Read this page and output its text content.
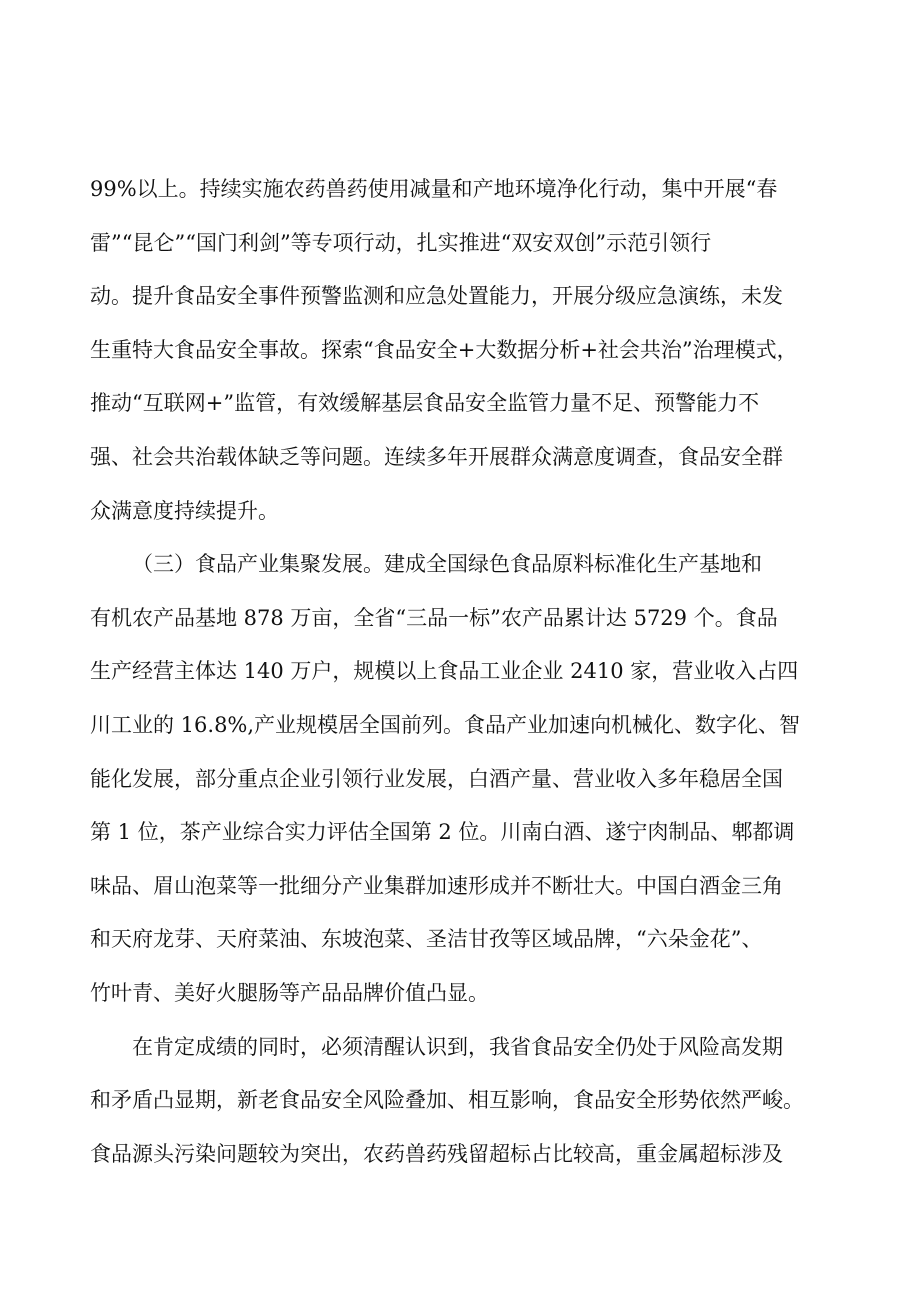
99%以上。持续实施农药兽药使用减量和产地环境净化行动，集中开展“春
雷”“昆仑”“国门利剑”等专项行动，扎实推进“双安双创”示范引领行
动。提升食品安全事件预警监测和应急处置能力，开展分级应急演练，未发
生重特大食品安全事故。探索“食品安全+大数据分析+社会共治”治理模式，
推动“互联网+”监管，有效缓解基层食品安全监管力量不足、预警能力不
强、社会共治载体缺乏等问题。连续多年开展群众满意度调查，食品安全群
众满意度持续提升。
（三）食品产业集聚发展。建成全国绿色食品原料标准化生产基地和
有机农产品基地 878 万亩，全省“三品一标”农产品累计达 5729 个。食品
生产经营主体达 140 万户，规模以上食品工业企业 2410 家，营业收入占四
川工业的 16.8%,产业规模居全国前列。食品产业加速向机械化、数字化、智
能化发展，部分重点企业引领行业发展，白酒产量、营业收入多年稳居全国
第 1 位，茶产业综合实力评估全国第 2 位。川南白酒、遂宁肉制品、郫都调
味品、眉山泡菜等一批细分产业集群加速形成并不断壮大。中国白酒金三角
和天府龙芽、天府菜油、东坡泡菜、圣洁甘孜等区域品牌，“六朵金花”、
竹叶青、美好火腿肠等产品品牌价值凸显。
在肯定成绩的同时，必须清醒认识到，我省食品安全仍处于风险高发期
和矛盾凸显期，新老食品安全风险叠加、相互影响，食品安全形势依然严峻。
食品源头污染问题较为突出，农药兽药残留超标占比较高，重金属超标涉及
